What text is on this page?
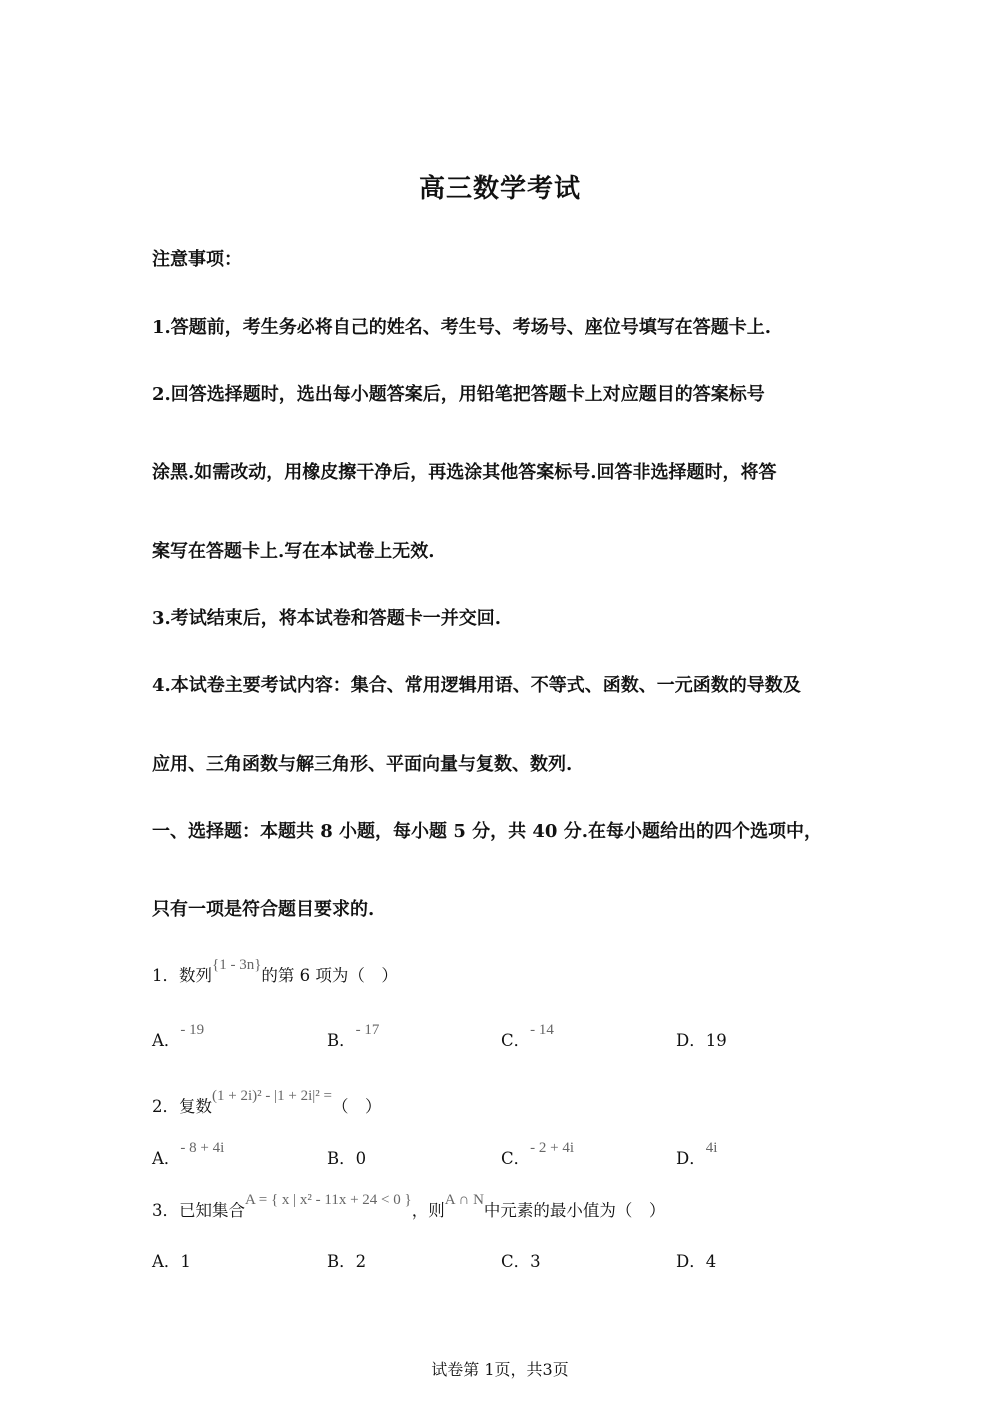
高三数学考试
注意事项：
1.答题前，考生务必将自己的姓名、考生号、考场号、座位号填写在答题卡上.
2.回答选择题时，选出每小题答案后，用铅笔把答题卡上对应题目的答案标号
涂黑.如需改动，用橡皮擦干净后，再选涂其他答案标号.回答非选择题时，将答
案写在答题卡上.写在本试卷上无效.
3.考试结束后，将本试卷和答题卡一并交回.
4.本试卷主要考试内容：集合、常用逻辑用语、不等式、函数、一元函数的导数及
应用、三角函数与解三角形、平面向量与复数、数列.
一、选择题：本题共 8 小题，每小题 5 分，共 40 分.在每小题给出的四个选项中，
只有一项是符合题目要求的.
1．数列{1 - 3n}的第 6 项为（　）
A．- 19
B．- 17
C．- 14
D．19
2．复数(1 + 2i)² - |1 + 2i|² =（　）
A．- 8 + 4i
B．0	C．- 2 + 4i
D．4i
3．已知集合A = { x | x² - 11x + 24 < 0 }，则A ∩ N中元素的最小值为（　）
A．1	B．2	C．3	D．4
试卷第 1页，共3页
